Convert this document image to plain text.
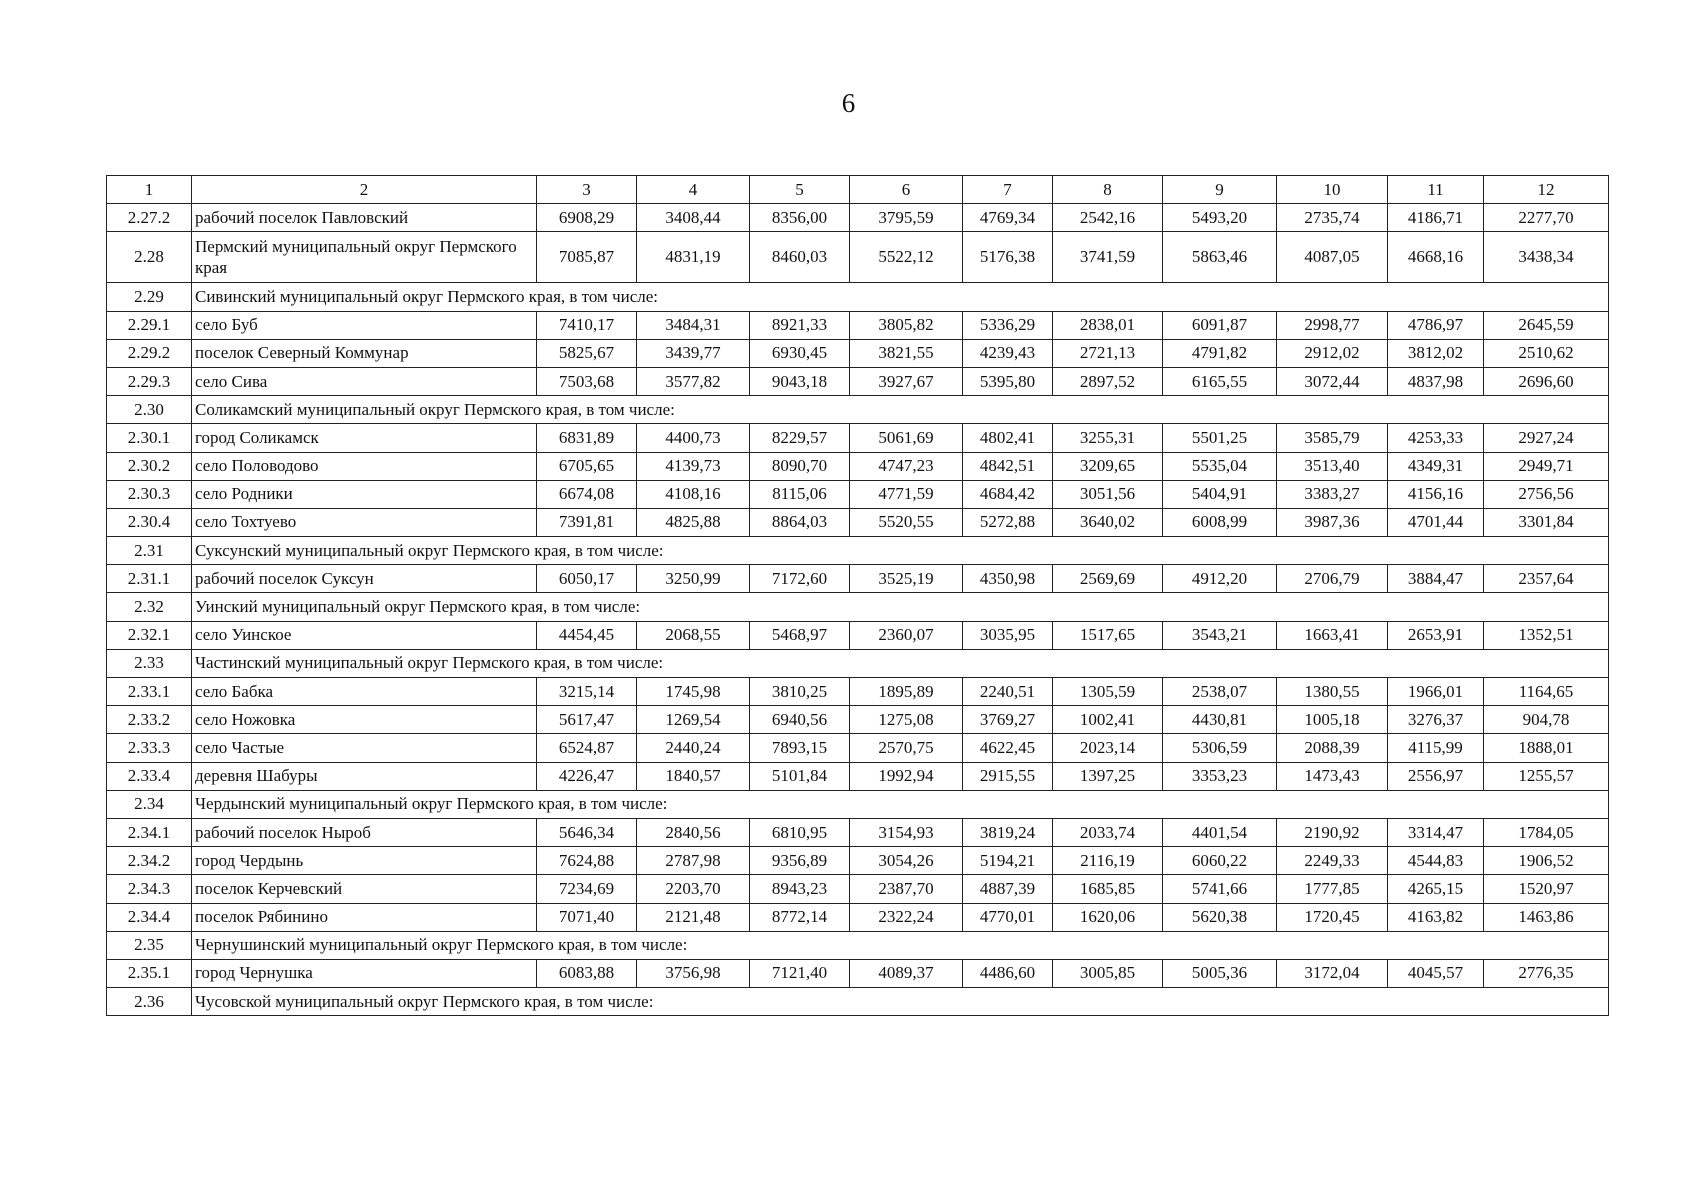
6
1	2	3	4	5	6	7	8	9	10	11	12
2.27.2	рабочий поселок Павловский	6908,29	3408,44	8356,00	3795,59	4769,34	2542,16	5493,20	2735,74	4186,71	2277,70
2.28	Пермский муниципальный округ Пермского края	7085,87	4831,19	8460,03	5522,12	5176,38	3741,59	5863,46	4087,05	4668,16	3438,34
2.29	Сивинский муниципальный округ Пермского края, в том числе:										
2.29.1	село Буб	7410,17	3484,31	8921,33	3805,82	5336,29	2838,01	6091,87	2998,77	4786,97	2645,59
2.29.2	поселок Северный Коммунар	5825,67	3439,77	6930,45	3821,55	4239,43	2721,13	4791,82	2912,02	3812,02	2510,62
2.29.3	село Сива	7503,68	3577,82	9043,18	3927,67	5395,80	2897,52	6165,55	3072,44	4837,98	2696,60
2.30	Соликамский муниципальный округ Пермского края, в том числе:										
2.30.1	город Соликамск	6831,89	4400,73	8229,57	5061,69	4802,41	3255,31	5501,25	3585,79	4253,33	2927,24
2.30.2	село Половодово	6705,65	4139,73	8090,70	4747,23	4842,51	3209,65	5535,04	3513,40	4349,31	2949,71
2.30.3	село Родники	6674,08	4108,16	8115,06	4771,59	4684,42	3051,56	5404,91	3383,27	4156,16	2756,56
2.30.4	село Тохтуево	7391,81	4825,88	8864,03	5520,55	5272,88	3640,02	6008,99	3987,36	4701,44	3301,84
2.31	Суксунский муниципальный округ Пермского края, в том числе:										
2.31.1	рабочий поселок Суксун	6050,17	3250,99	7172,60	3525,19	4350,98	2569,69	4912,20	2706,79	3884,47	2357,64
2.32	Уинский муниципальный округ Пермского края, в том числе:										
2.32.1	село Уинское	4454,45	2068,55	5468,97	2360,07	3035,95	1517,65	3543,21	1663,41	2653,91	1352,51
2.33	Частинский муниципальный округ Пермского края, в том числе:										
2.33.1	село Бабка	3215,14	1745,98	3810,25	1895,89	2240,51	1305,59	2538,07	1380,55	1966,01	1164,65
2.33.2	село Ножовка	5617,47	1269,54	6940,56	1275,08	3769,27	1002,41	4430,81	1005,18	3276,37	904,78
2.33.3	село Частые	6524,87	2440,24	7893,15	2570,75	4622,45	2023,14	5306,59	2088,39	4115,99	1888,01
2.33.4	деревня Шабуры	4226,47	1840,57	5101,84	1992,94	2915,55	1397,25	3353,23	1473,43	2556,97	1255,57
2.34	Чердынский муниципальный округ Пермского края, в том числе:										
2.34.1	рабочий поселок Ныроб	5646,34	2840,56	6810,95	3154,93	3819,24	2033,74	4401,54	2190,92	3314,47	1784,05
2.34.2	город Чердынь	7624,88	2787,98	9356,89	3054,26	5194,21	2116,19	6060,22	2249,33	4544,83	1906,52
2.34.3	поселок Керчевский	7234,69	2203,70	8943,23	2387,70	4887,39	1685,85	5741,66	1777,85	4265,15	1520,97
2.34.4	поселок Рябинино	7071,40	2121,48	8772,14	2322,24	4770,01	1620,06	5620,38	1720,45	4163,82	1463,86
2.35	Чернушинский муниципальный округ Пермского края, в том числе:										
2.35.1	город Чернушка	6083,88	3756,98	7121,40	4089,37	4486,60	3005,85	5005,36	3172,04	4045,57	2776,35
2.36	Чусовской муниципальный округ Пермского края, в том числе:										
